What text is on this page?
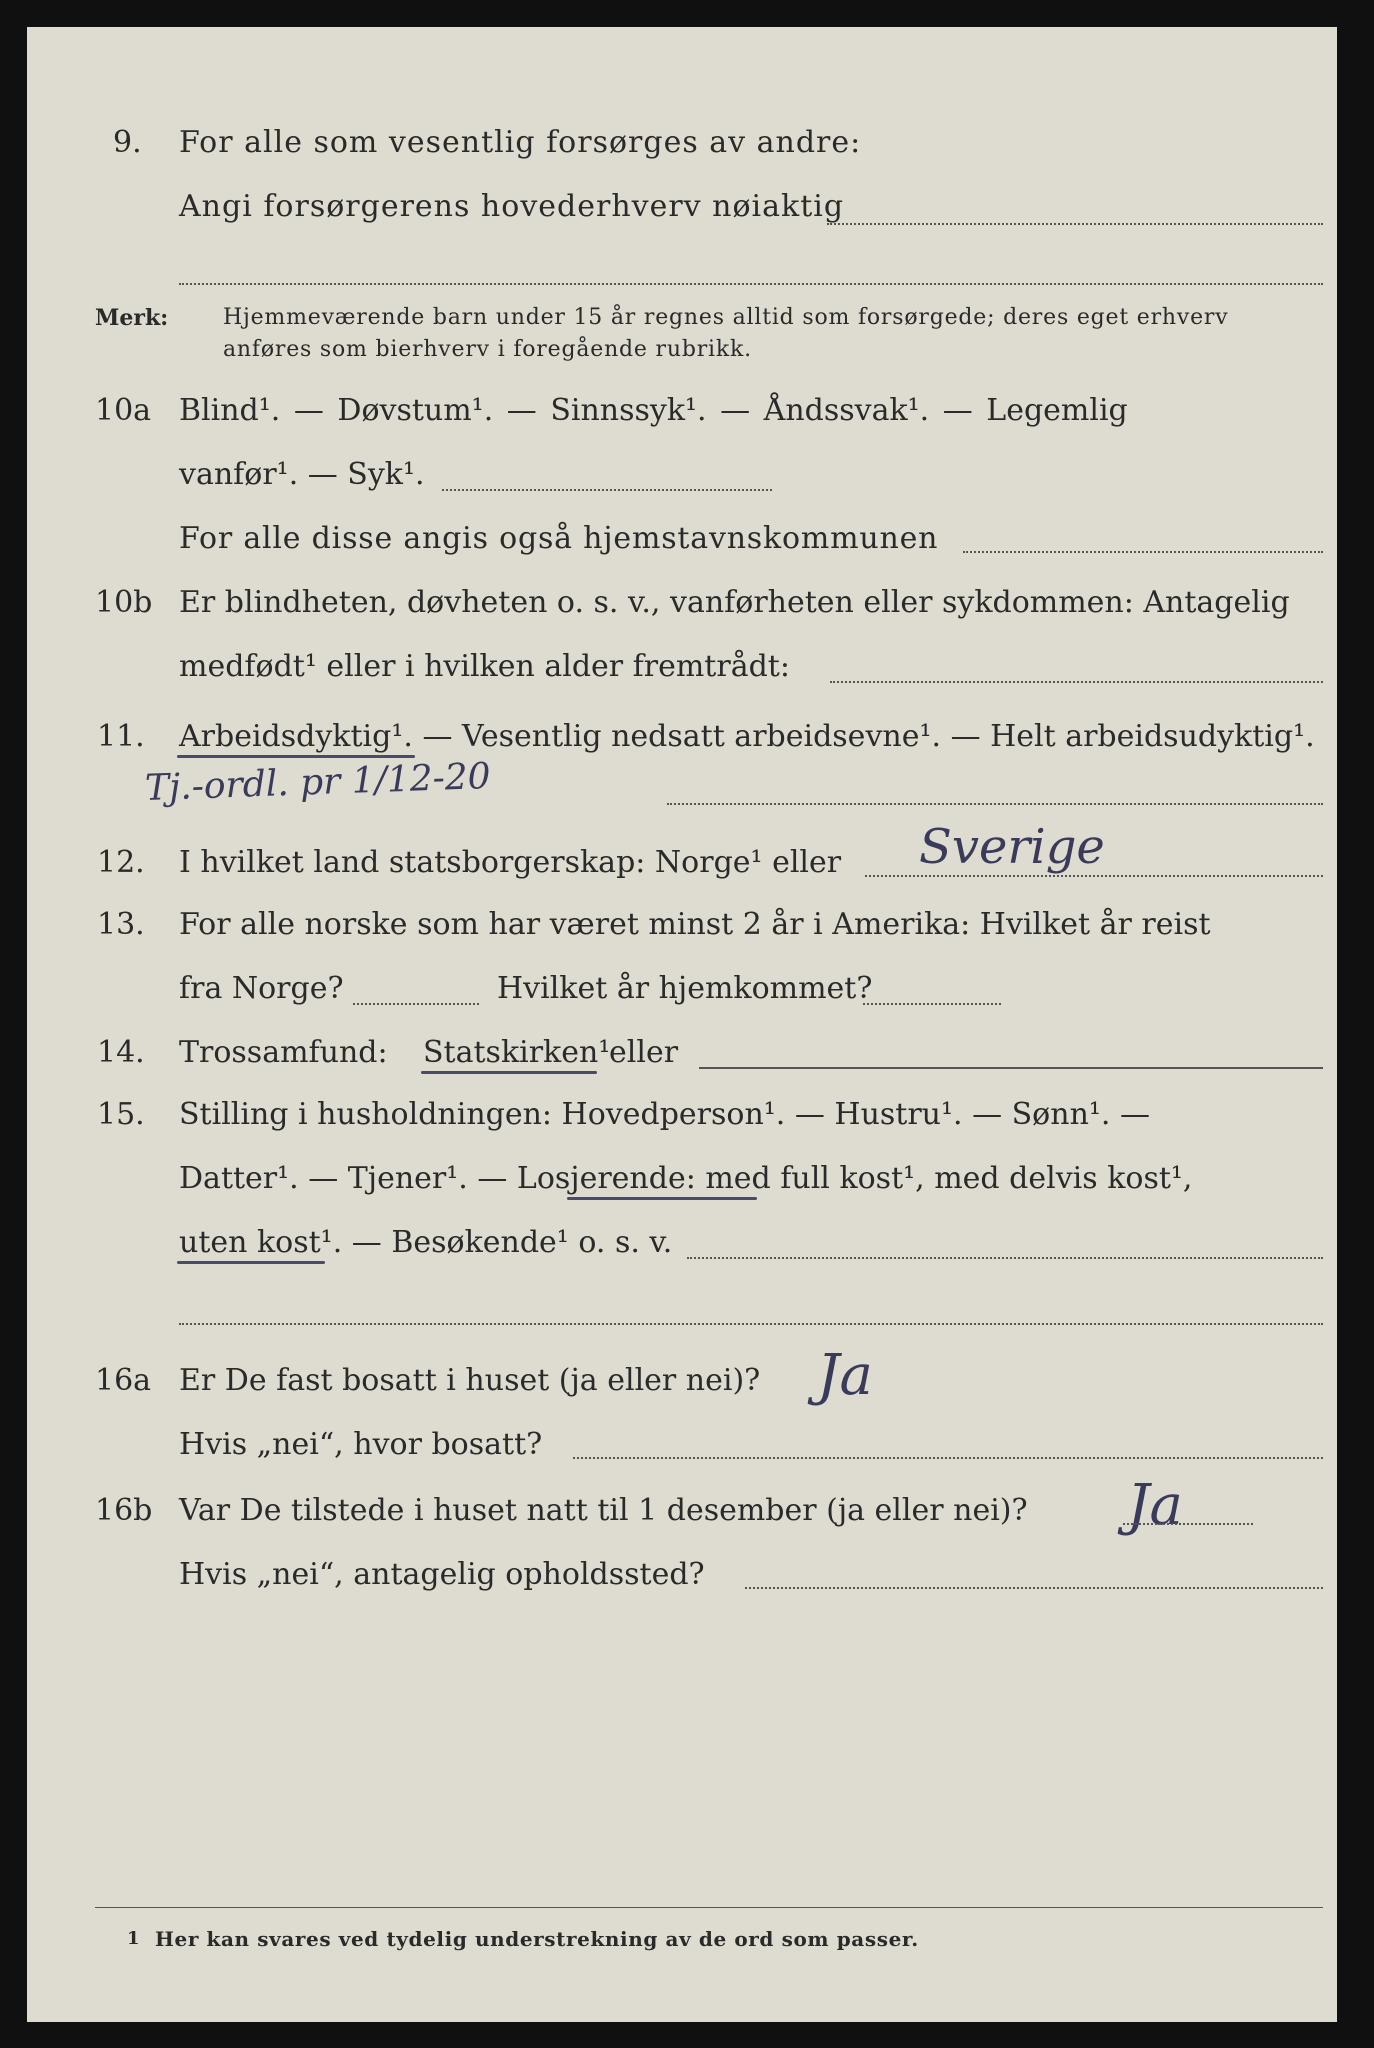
9. For alle som vesentlig forsørges av andre:
Angi forsørgerens hovederhverv nøiaktig
Merk: Hjemmeværende barn under 15 år regnes alltid som forsørgede; deres eget erhverv
anføres som bierhverv i foregående rubrikk.
10a Blind¹. — Døvstum¹. — Sinnssyk¹. — Åndssvak¹. — Legemlig
vanfør¹. — Syk¹.
For alle disse angis også hjemstavnskommunen
10b Er blindheten, døvheten o. s. v., vanførheten eller sykdommen: Antagelig
medfødt¹ eller i hvilken alder fremtrådt:
11. Arbeidsdyktig¹. — Vesentlig nedsatt arbeidsevne¹. — Helt arbeidsudyktig¹.
Tj.-ordl. pr 1/12-20
12. I hvilket land statsborgerskap: Norge¹ eller Sverige
13. For alle norske som har været minst 2 år i Amerika: Hvilket år reist
fra Norge?	Hvilket år hjemkommet?
14. Trossamfund: Statskirken¹
eller
15. Stilling i husholdningen: Hovedperson¹. — Hustru¹. — Sønn¹. —
Datter¹. — Tjener¹. — Losjerende: med full kost¹, med delvis kost¹,
uten kost¹. — Besøkende¹ o. s. v.
16a Er De fast bosatt i huset (ja eller nei)? Ja
Hvis „nei“, hvor bosatt?
16b Var De tilstede i huset natt til 1 desember (ja eller nei)? Ja
Hvis „nei“, antagelig opholdssted?
1 Her kan svares ved tydelig understrekning av de ord som passer.
